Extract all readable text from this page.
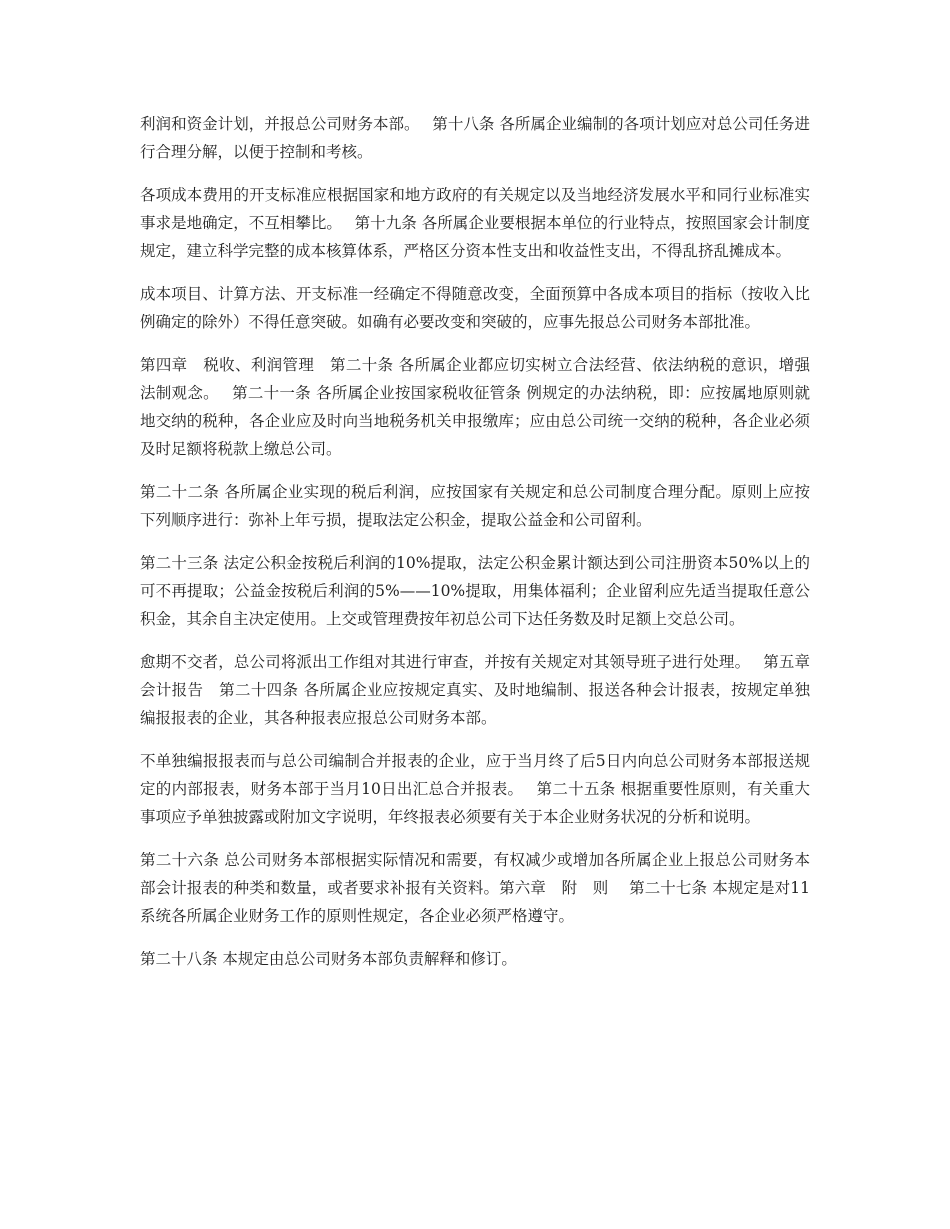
利润和资金计划，并报总公司财务本部。　 第十八条 各所属企业编制的各项计划应对总公司任务进行合理分解，以便于控制和考核。

各项成本费用的开支标准应根据国家和地方政府的有关规定以及当地经济发展水平和同行业标准实事求是地确定，不互相攀比。　 第十九条 各所属企业要根据本单位的行业特点，按照国家会计制度规定，建立科学完整的成本核算体系，严格区分资本性支出和收益性支出，不得乱挤乱摊成本。

成本项目、计算方法、开支标准一经确定不得随意改变，全面预算中各成本项目的指标（按收入比例确定的除外）不得任意突破。如确有必要改变和突破的，应事先报总公司财务本部批准。

第四章　税收、利润管理　第二十条 各所属企业都应切实树立合法经营、依法纳税的意识，增强法制观念。　 第二十一条 各所属企业按国家税收征管条 例规定的办法纳税，即：应按属地原则就地交纳的税种，各企业应及时向当地税务机关申报缴库；应由总公司统一交纳的税种，各企业必须及时足额将税款上缴总公司。

第二十二条 各所属企业实现的税后利润，应按国家有关规定和总公司制度合理分配。原则上应按下列顺序进行：弥补上年亏损，提取法定公积金，提取公益金和公司留利。

第二十三条 法定公积金按税后利润的10%提取，法定公积金累计额达到公司注册资本50%以上的可不再提取；公益金按税后利润的5%——10%提取，用集体福利；企业留利应先适当提取任意公积金，其余自主决定使用。上交或管理费按年初总公司下达任务数及时足额上交总公司。

愈期不交者，总公司将派出工作组对其进行审查，并按有关规定对其领导班子进行处理。　 第五章　会计报告　第二十四条 各所属企业应按规定真实、及时地编制、报送各种会计报表，按规定单独编报报表的企业，其各种报表应报总公司财务本部。

不单独编报报表而与总公司编制合并报表的企业，应于当月终了后5日内向总公司财务本部报送规定的内部报表，财务本部于当月10日出汇总合并报表。　 第二十五条 根据重要性原则，有关重大事项应予单独披露或附加文字说明，年终报表必须要有关于本企业财务状况的分析和说明。

第二十六条 总公司财务本部根据实际情况和需要，有权减少或增加各所属企业上报总公司财务本部会计报表的种类和数量，或者要求补报有关资料。第六章　附　则　 第二十七条 本规定是对11系统各所属企业财务工作的原则性规定，各企业必须严格遵守。

第二十八条 本规定由总公司财务本部负责解释和修订。
